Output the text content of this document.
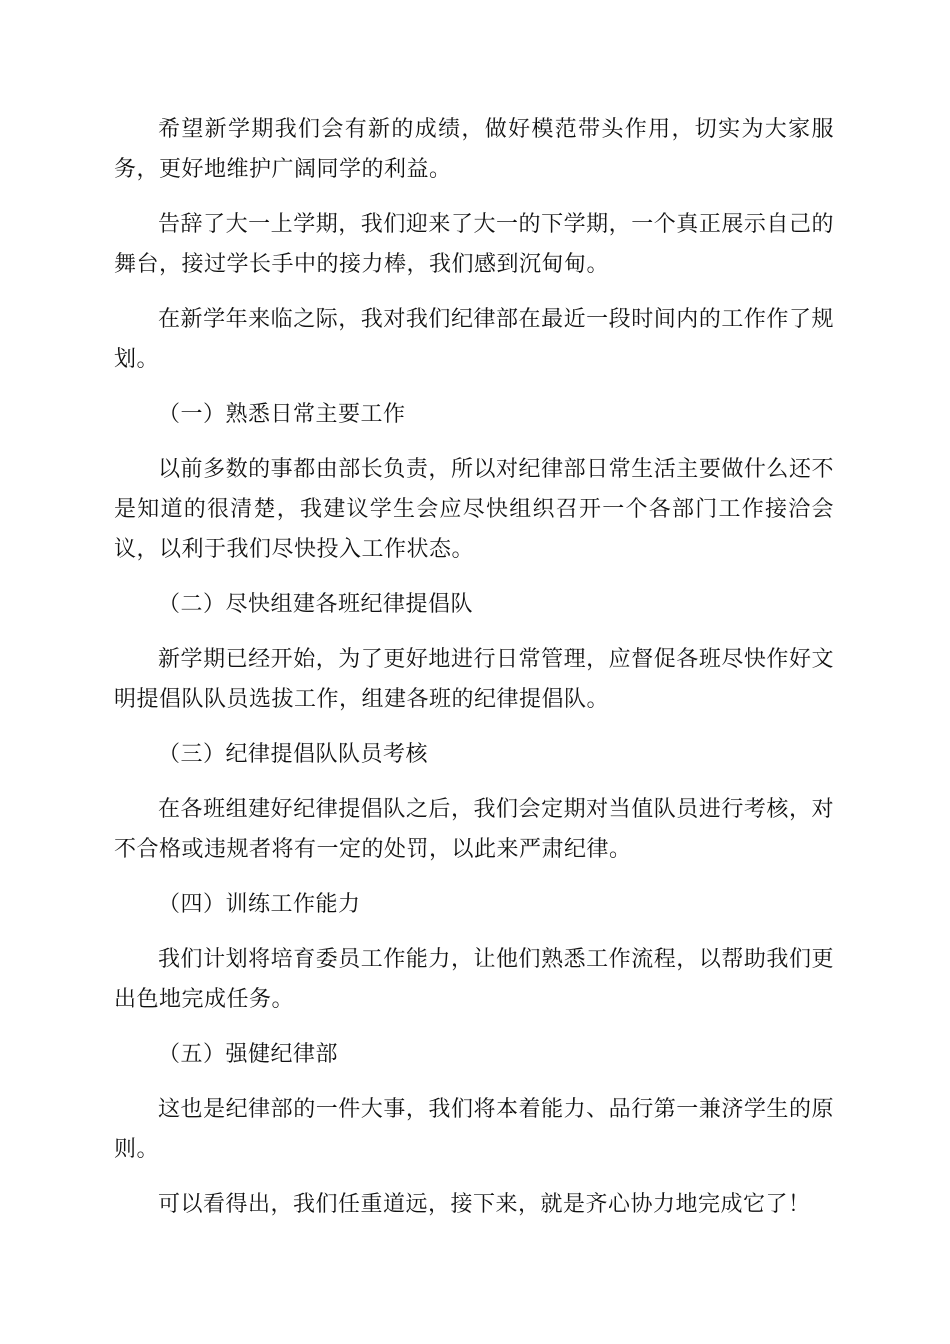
希望新学期我们会有新的成绩，做好模范带头作用，切实为大家服务，更好地维护广阔同学的利益。

告辞了大一上学期，我们迎来了大一的下学期，一个真正展示自己的舞台，接过学长手中的接力棒，我们感到沉甸甸。

在新学年来临之际，我对我们纪律部在最近一段时间内的工作作了规划。

（一）熟悉日常主要工作

以前多数的事都由部长负责，所以对纪律部日常生活主要做什么还不是知道的很清楚，我建议学生会应尽快组织召开一个各部门工作接洽会议，以利于我们尽快投入工作状态。

（二）尽快组建各班纪律提倡队

新学期已经开始，为了更好地进行日常管理，应督促各班尽快作好文明提倡队队员选拔工作，组建各班的纪律提倡队。

（三）纪律提倡队队员考核

在各班组建好纪律提倡队之后，我们会定期对当值队员进行考核，对不合格或违规者将有一定的处罚，以此来严肃纪律。

（四）训练工作能力

我们计划将培育委员工作能力，让他们熟悉工作流程，以帮助我们更出色地完成任务。

（五）强健纪律部

这也是纪律部的一件大事，我们将本着能力、品行第一兼济学生的原则。

可以看得出，我们任重道远，接下来，就是齐心协力地完成它了！
